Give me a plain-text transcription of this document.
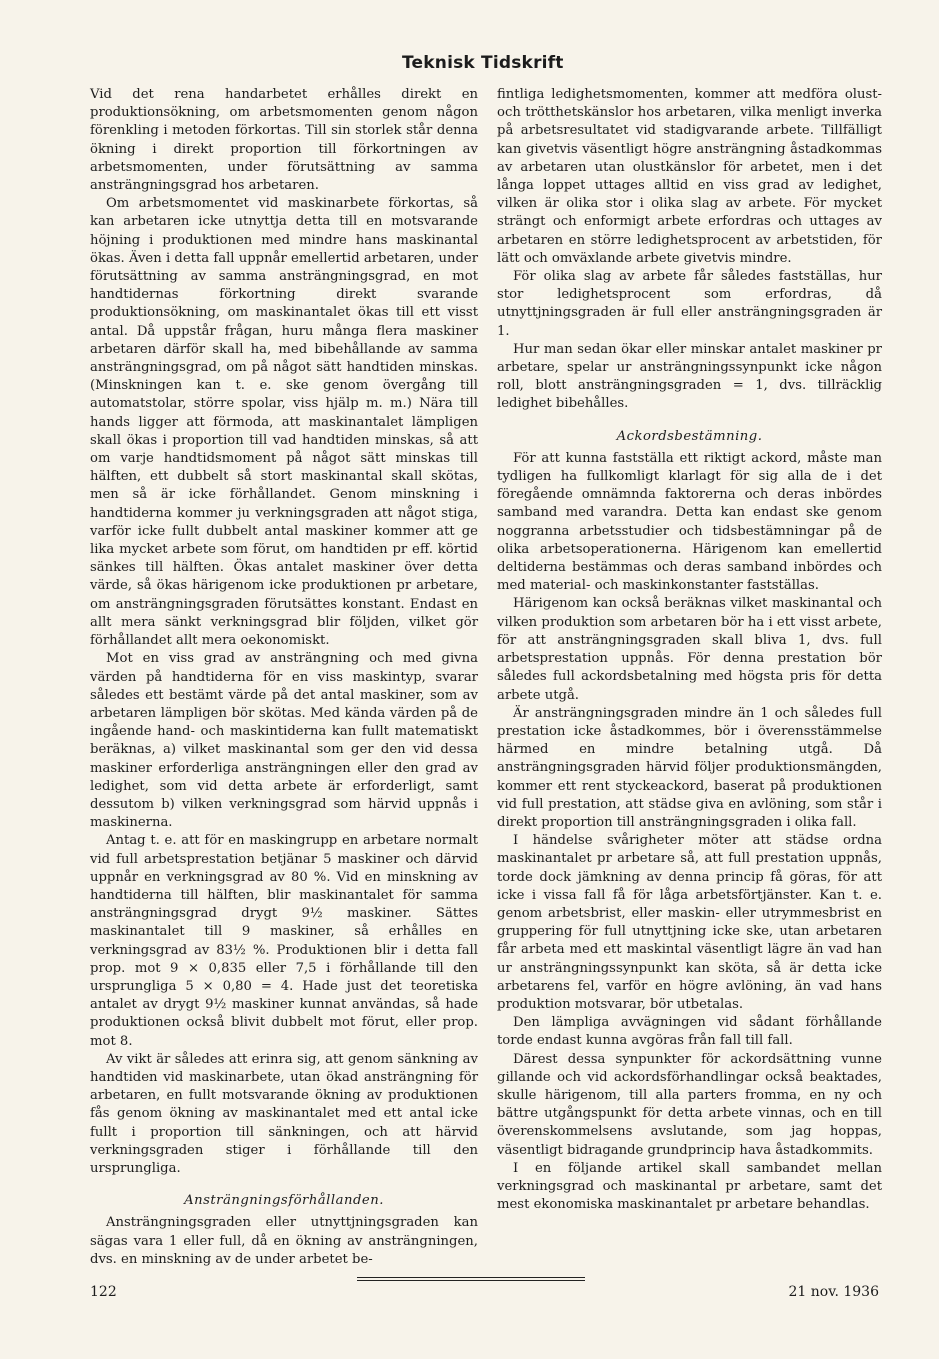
Teknisk Tidskrift

Vid det rena handarbetet erhålles direkt en produktionsökning, om arbetsmomenten genom någon förenkling i metoden förkortas. Till sin storlek står denna ökning i direkt proportion till förkortningen av arbetsmomenten, under förutsättning av samma ansträngningsgrad hos arbetaren.

Om arbetsmomentet vid maskinarbete förkortas, så kan arbetaren icke utnyttja detta till en motsvarande höjning i produktionen med mindre hans maskinantal ökas. Även i detta fall uppnår emellertid arbetaren, under förutsättning av samma ansträngningsgrad, en mot handtidernas förkortning direkt svarande produktionsökning, om maskinantalet ökas till ett visst antal. Då uppstår frågan, huru många flera maskiner arbetaren därför skall ha, med bibehållande av samma ansträngningsgrad, om på något sätt handtiden minskas. (Minskningen kan t. e. ske genom övergång till automatstolar, större spolar, viss hjälp m. m.) Nära till hands ligger att förmoda, att maskinantalet lämpligen skall ökas i proportion till vad handtiden minskas, så att om varje handtidsmoment på något sätt minskas till hälften, ett dubbelt så stort maskinantal skall skötas, men så är icke förhållandet. Genom minskning i handtiderna kommer ju verkningsgraden att något stiga, varför icke fullt dubbelt antal maskiner kommer att ge lika mycket arbete som förut, om handtiden pr eff. körtid sänkes till hälften. Ökas antalet maskiner över detta värde, så ökas härigenom icke produktionen pr arbetare, om ansträngningsgraden förutsättes konstant. Endast en allt mera sänkt verkningsgrad blir följden, vilket gör förhållandet allt mera oekonomiskt.

Mot en viss grad av ansträngning och med givna värden på handtiderna för en viss maskintyp, svarar således ett bestämt värde på det antal maskiner, som av arbetaren lämpligen bör skötas. Med kända värden på de ingående hand- och maskintiderna kan fullt matematiskt beräknas, a) vilket maskinantal som ger den vid dessa maskiner erforderliga ansträngningen eller den grad av ledighet, som vid detta arbete är erforderligt, samt dessutom b) vilken verkningsgrad som härvid uppnås i maskinerna.

Antag t. e. att för en maskingrupp en arbetare normalt vid full arbetsprestation betjänar 5 maskiner och därvid uppnår en verkningsgrad av 80 %. Vid en minskning av handtiderna till hälften, blir maskinantalet för samma ansträngningsgrad drygt 9½ maskiner. Sättes maskinantalet till 9 maskiner, så erhålles en verkningsgrad av 83½ %. Produktionen blir i detta fall prop. mot 9 × 0,835 eller 7,5 i förhållande till den ursprungliga 5 × 0,80 = 4. Hade just det teoretiska antalet av drygt 9½ maskiner kunnat användas, så hade produktionen också blivit dubbelt mot förut, eller prop. mot 8.

Av vikt är således att erinra sig, att genom sänkning av handtiden vid maskinarbete, utan ökad ansträngning för arbetaren, en fullt motsvarande ökning av produktionen fås genom ökning av maskinantalet med ett antal icke fullt i proportion till sänkningen, och att härvid verkningsgraden stiger i förhållande till den ursprungliga.

Ansträngningsförhållanden.

Ansträngningsgraden eller utnyttjningsgraden kan sägas vara 1 eller full, då en ökning av ansträngningen, dvs. en minskning av de under arbetet be-

fintliga ledighetsmomenten, kommer att medföra olust- och trötthetskänslor hos arbetaren, vilka menligt inverka på arbetsresultatet vid stadigvarande arbete. Tillfälligt kan givetvis väsentligt högre ansträngning åstadkommas av arbetaren utan olustkänslor för arbetet, men i det långa loppet uttages alltid en viss grad av ledighet, vilken är olika stor i olika slag av arbete. För mycket strängt och enformigt arbete erfordras och uttages av arbetaren en större ledighetsprocent av arbetstiden, för lätt och omväxlande arbete givetvis mindre.

För olika slag av arbete får således fastställas, hur stor ledighetsprocent som erfordras, då utnyttjningsgraden är full eller ansträngningsgraden är 1.

Hur man sedan ökar eller minskar antalet maskiner pr arbetare, spelar ur ansträngningssynpunkt icke någon roll, blott ansträngningsgraden = 1, dvs. tillräcklig ledighet bibehålles.

Ackordsbestämning.

För att kunna fastställa ett riktigt ackord, måste man tydligen ha fullkomligt klarlagt för sig alla de i det föregående omnämnda faktorerna och deras inbördes samband med varandra. Detta kan endast ske genom noggranna arbetsstudier och tidsbestämningar på de olika arbetsoperationerna. Härigenom kan emellertid deltiderna bestämmas och deras samband inbördes och med material- och maskinkonstanter fastställas.

Härigenom kan också beräknas vilket maskinantal och vilken produktion som arbetaren bör ha i ett visst arbete, för att ansträngningsgraden skall bliva 1, dvs. full arbetsprestation uppnås. För denna prestation bör således full ackordsbetalning med högsta pris för detta arbete utgå.

Är ansträngningsgraden mindre än 1 och således full prestation icke åstadkommes, bör i överensstämmelse härmed en mindre betalning utgå. Då ansträngningsgraden härvid följer produktionsmängden, kommer ett rent styckeackord, baserat på produktionen vid full prestation, att städse giva en avlöning, som står i direkt proportion till ansträngningsgraden i olika fall.

I händelse svårigheter möter att städse ordna maskinantalet pr arbetare så, att full prestation uppnås, torde dock jämkning av denna princip få göras, för att icke i vissa fall få för låga arbetsförtjänster. Kan t. e. genom arbetsbrist, eller maskin- eller utrymmesbrist en gruppering för full utnyttjning icke ske, utan arbetaren får arbeta med ett maskintal väsentligt lägre än vad han ur ansträngningssynpunkt kan sköta, så är detta icke arbetarens fel, varför en högre avlöning, än vad hans produktion motsvarar, bör utbetalas.

Den lämpliga avvägningen vid sådant förhållande torde endast kunna avgöras från fall till fall.

Därest dessa synpunkter för ackordsättning vunne gillande och vid ackordsförhandlingar också beaktades, skulle härigenom, till alla parters fromma, en ny och bättre utgångspunkt för detta arbete vinnas, och en till överenskommelsens avslutande, som jag hoppas, väsentligt bidragande grundprincip hava åstadkommits.

I en följande artikel skall sambandet mellan verkningsgrad och maskinantal pr arbetare, samt det mest ekonomiska maskinantalet pr arbetare behandlas.

122	21 nov. 1936
